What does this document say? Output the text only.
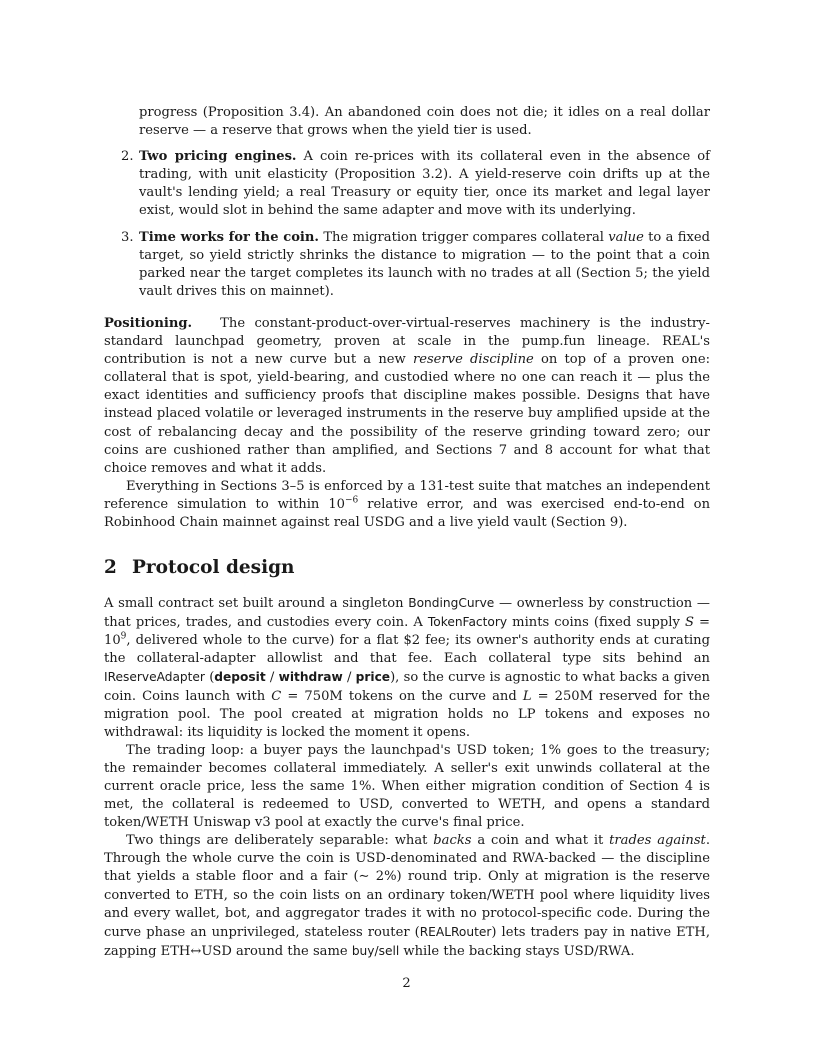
progress (Proposition 3.4). An abandoned coin does not die; it idles on a real dollar reserve — a reserve that grows when the yield tier is used.

2. Two pricing engines. A coin re-prices with its collateral even in the absence of trading, with unit elasticity (Proposition 3.2). A yield-reserve coin drifts up at the vault's lending yield; a real Treasury or equity tier, once its market and legal layer exist, would slot in behind the same adapter and move with its underlying.

3. Time works for the coin. The migration trigger compares collateral value to a fixed target, so yield strictly shrinks the distance to migration — to the point that a coin parked near the target completes its launch with no trades at all (Section 5; the yield vault drives this on mainnet).

Positioning. The constant-product-over-virtual-reserves machinery is the industry-standard launchpad geometry, proven at scale in the pump.fun lineage. REAL's contribution is not a new curve but a new reserve discipline on top of a proven one: collateral that is spot, yield-bearing, and custodied where no one can reach it — plus the exact identities and sufficiency proofs that discipline makes possible. Designs that have instead placed volatile or leveraged instruments in the reserve buy amplified upside at the cost of rebalancing decay and the possibility of the reserve grinding toward zero; our coins are cushioned rather than amplified, and Sections 7 and 8 account for what that choice removes and what it adds.

Everything in Sections 3–5 is enforced by a 131-test suite that matches an independent reference simulation to within $10^{-6}$ relative error, and was exercised end-to-end on Robinhood Chain mainnet against real USDG and a live yield vault (Section 9).

2 Protocol design

A small contract set built around a singleton BondingCurve — ownerless by construction — that prices, trades, and custodies every coin. A TokenFactory mints coins (fixed supply $S = 10^9$, delivered whole to the curve) for a flat $2 fee; its owner's authority ends at curating the collateral-adapter allowlist and that fee. Each collateral type sits behind an IReserveAdapter (deposit / withdraw / price), so the curve is agnostic to what backs a given coin. Coins launch with C = 750M tokens on the curve and L = 250M reserved for the migration pool. The pool created at migration holds no LP tokens and exposes no withdrawal: its liquidity is locked the moment it opens.

The trading loop: a buyer pays the launchpad's USD token; 1% goes to the treasury; the remainder becomes collateral immediately. A seller's exit unwinds collateral at the current oracle price, less the same 1%. When either migration condition of Section 4 is met, the collateral is redeemed to USD, converted to WETH, and opens a standard token/WETH Uniswap v3 pool at exactly the curve's final price.

Two things are deliberately separable: what backs a coin and what it trades against. Through the whole curve the coin is USD-denominated and RWA-backed — the discipline that yields a stable floor and a fair (∼ 2%) round trip. Only at migration is the reserve converted to ETH, so the coin lists on an ordinary token/WETH pool where liquidity lives and every wallet, bot, and aggregator trades it with no protocol-specific code. During the curve phase an unprivileged, stateless router (REALRouter) lets traders pay in native ETH, zapping ETH↔USD around the same buy/sell while the backing stays USD/RWA.

2
